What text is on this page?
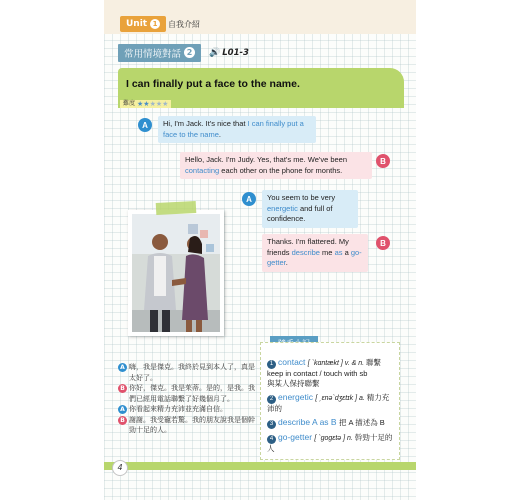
Unit 1	自我介紹
常用情境對話 2	🔊 L01-3
I can finally put a face to the name.
難度 ★★★★★
A	Hi, I'm Jack. It's nice that I can finally put a face to the name.
B
Hello, Jack. I'm Judy. Yes, that's me. We've been contacting each other on the phone for months.
A	You seem to be very energetic and full of confidence.
B
Thanks. I'm flattered. My friends describe me as a go-getter.
A 嗨，我是傑克。我終於見到本人了，真是太好了。
B 你好，傑克。我是茱蒂。是的，是我。我們已經用電話聯繫了好幾個月了。
A 你看起來精力充沛並充滿自信。
B 謝謝。我受寵若驚。我的朋友說我是個幹勁十足的人。
1 contact [ ˋkɑntækt ] v. & n. 聯繫
keep in contact / touch with sb
與某人保持聯繫
2 energetic [ ˏɛnəˋdʒɛtɪk ] a. 精力充沛的
3 describe A as B 把 A 描述為 B
4 go-getter [ ˋɡoɡɛtə ] n. 幹勁十足的人
4
